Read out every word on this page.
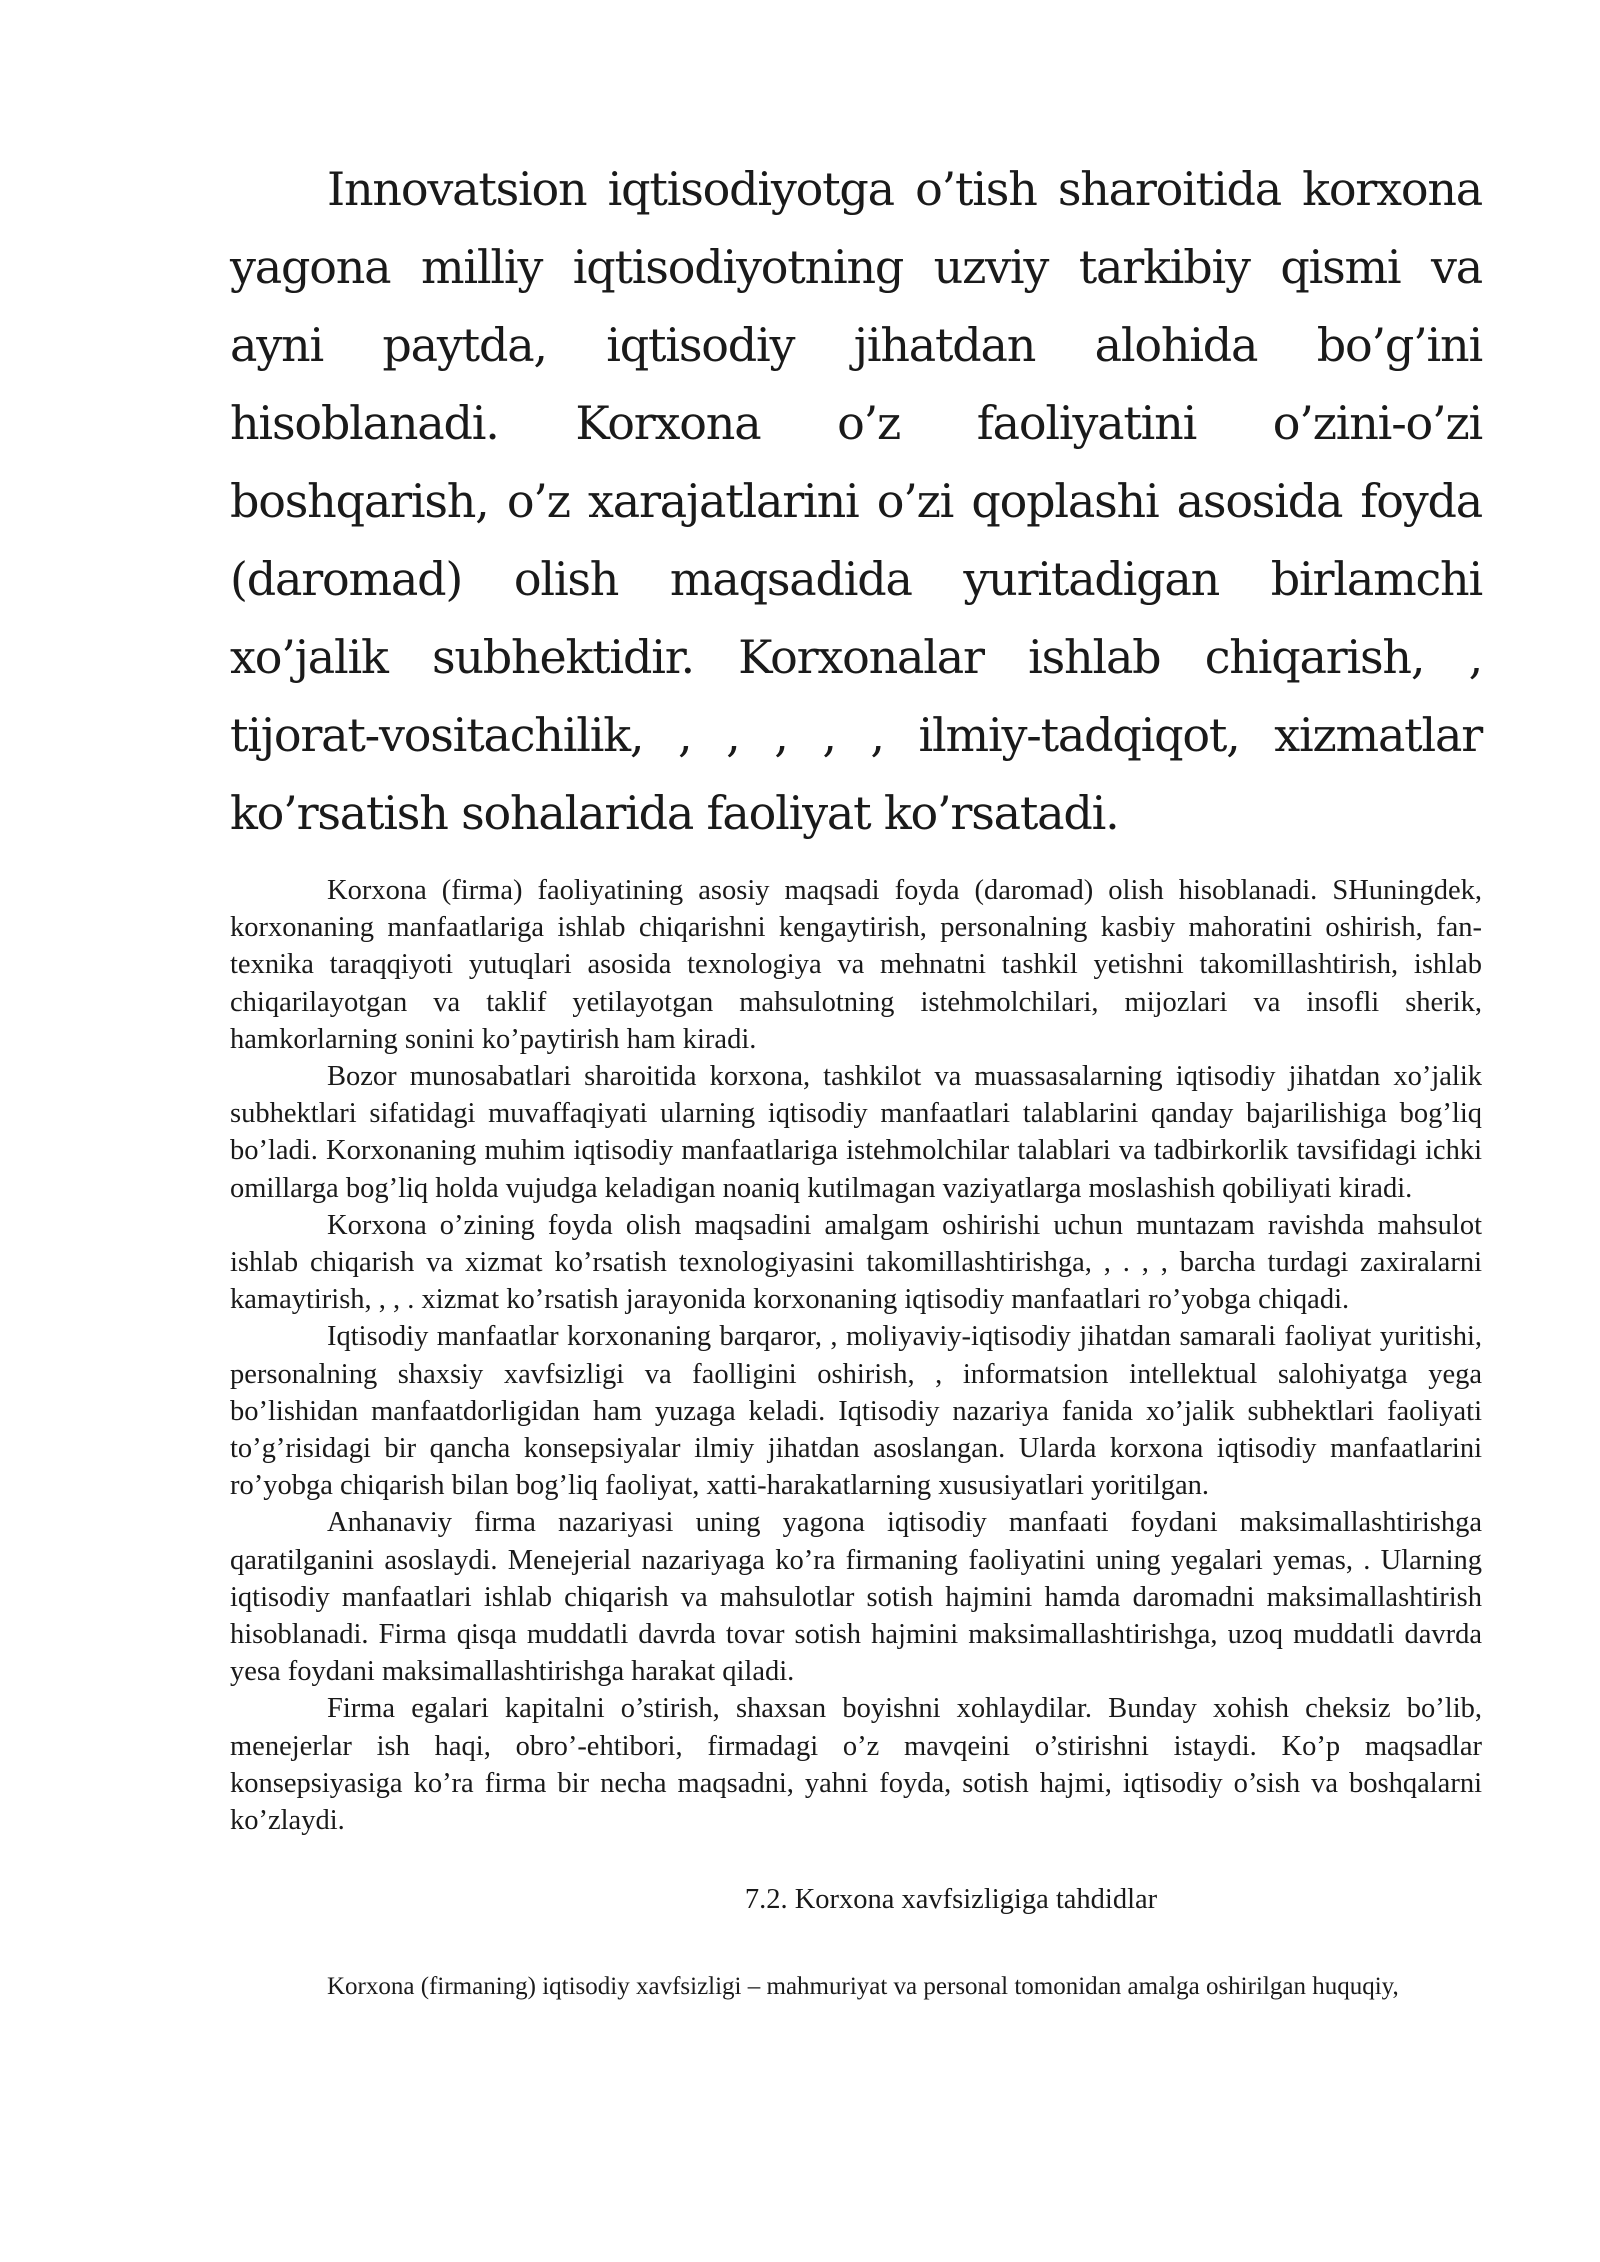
Innovatsion iqtisodiyotga o’tish sharoitida korxona yagona milliy iqtisodiyotning uzviy tarkibiy qismi va ayni paytda, iqtisodiy jihatdan alohida bo’g’ini hisoblanadi. Korxona o’z faoliyatini o’zini-o’zi boshqarish, o’z xarajatlarini o’zi qoplashi asosida foyda (daromad) olish maqsadida yuritadigan birlamchi xo’jalik subhektidir. Korxonalar ishlab chiqarish, , tijorat-vositachilik, , , , , , ilmiy-tadqiqot, xizmatlar ko’rsatish sohalarida faoliyat ko’rsatadi.

Korxona (firma) faoliyatining asosiy maqsadi foyda (daromad) olish hisoblanadi. SHuningdek, korxonaning manfaatlariga ishlab chiqarishni kengaytirish, personalning kasbiy mahoratini oshirish, fan-texnika taraqqiyoti yutuqlari asosida texnologiya va mehnatni tashkil yetishni takomillashtirish, ishlab chiqarilayotgan va taklif yetilayotgan mahsulotning istehmolchilari, mijozlari va insofli sherik, hamkorlarning sonini ko’paytirish ham kiradi.

Bozor munosabatlari sharoitida korxona, tashkilot va muassasalarning iqtisodiy jihatdan xo’jalik subhektlari sifatidagi muvaffaqiyati ularning iqtisodiy manfaatlari talablarini qanday bajarilishiga bog’liq bo’ladi. Korxonaning muhim iqtisodiy manfaatlariga istehmolchilar talablari va tadbirkorlik tavsifidagi ichki omillarga bog’liq holda vujudga keladigan noaniq kutilmagan vaziyatlarga moslashish qobiliyati kiradi.

Korxona o’zining foyda olish maqsadini amalgam oshirishi uchun muntazam ravishda mahsulot ishlab chiqarish va xizmat ko’rsatish texnologiyasini takomillashtirishga, , . , , barcha turdagi zaxiralarni kamaytirish, , , . xizmat ko’rsatish jarayonida korxonaning iqtisodiy manfaatlari ro’yobga chiqadi.

Iqtisodiy manfaatlar korxonaning barqaror, , moliyaviy-iqtisodiy jihatdan samarali faoliyat yuritishi, personalning shaxsiy xavfsizligi va faolligini oshirish, , informatsion intellektual salohiyatga yega bo’lishidan manfaatdorligidan ham yuzaga keladi. Iqtisodiy nazariya fanida xo’jalik subhektlari faoliyati to’g’risidagi bir qancha konsepsiyalar ilmiy jihatdan asoslangan. Ularda korxona iqtisodiy manfaatlarini ro’yobga chiqarish bilan bog’liq faoliyat, xatti-harakatlarning xususiyatlari yoritilgan.

Anhanaviy firma nazariyasi uning yagona iqtisodiy manfaati foydani maksimallashtirishga qaratilganini asoslaydi. Menejerial nazariyaga ko’ra firmaning faoliyatini uning yegalari yemas, . Ularning iqtisodiy manfaatlari ishlab chiqarish va mahsulotlar sotish hajmini hamda daromadni maksimallashtirish hisoblanadi. Firma qisqa muddatli davrda tovar sotish hajmini maksimallashtirishga, uzoq muddatli davrda yesa foydani maksimallashtirishga harakat qiladi.

Firma egalari kapitalni o’stirish, shaxsan boyishni xohlaydilar. Bunday xohish cheksiz bo’lib, menejerlar ish haqi, obro’-ehtibori, firmadagi o’z mavqeini o’stirishni istaydi. Ko’p maqsadlar konsepsiyasiga ko’ra firma bir necha maqsadni, yahni foyda, sotish hajmi, iqtisodiy o’sish va boshqalarni ko’zlaydi.

7.2. Korxona xavfsizligiga tahdidlar

Korxona (firmaning) iqtisodiy xavfsizligi – mahmuriyat va personal tomonidan amalga oshirilgan huquqiy,
